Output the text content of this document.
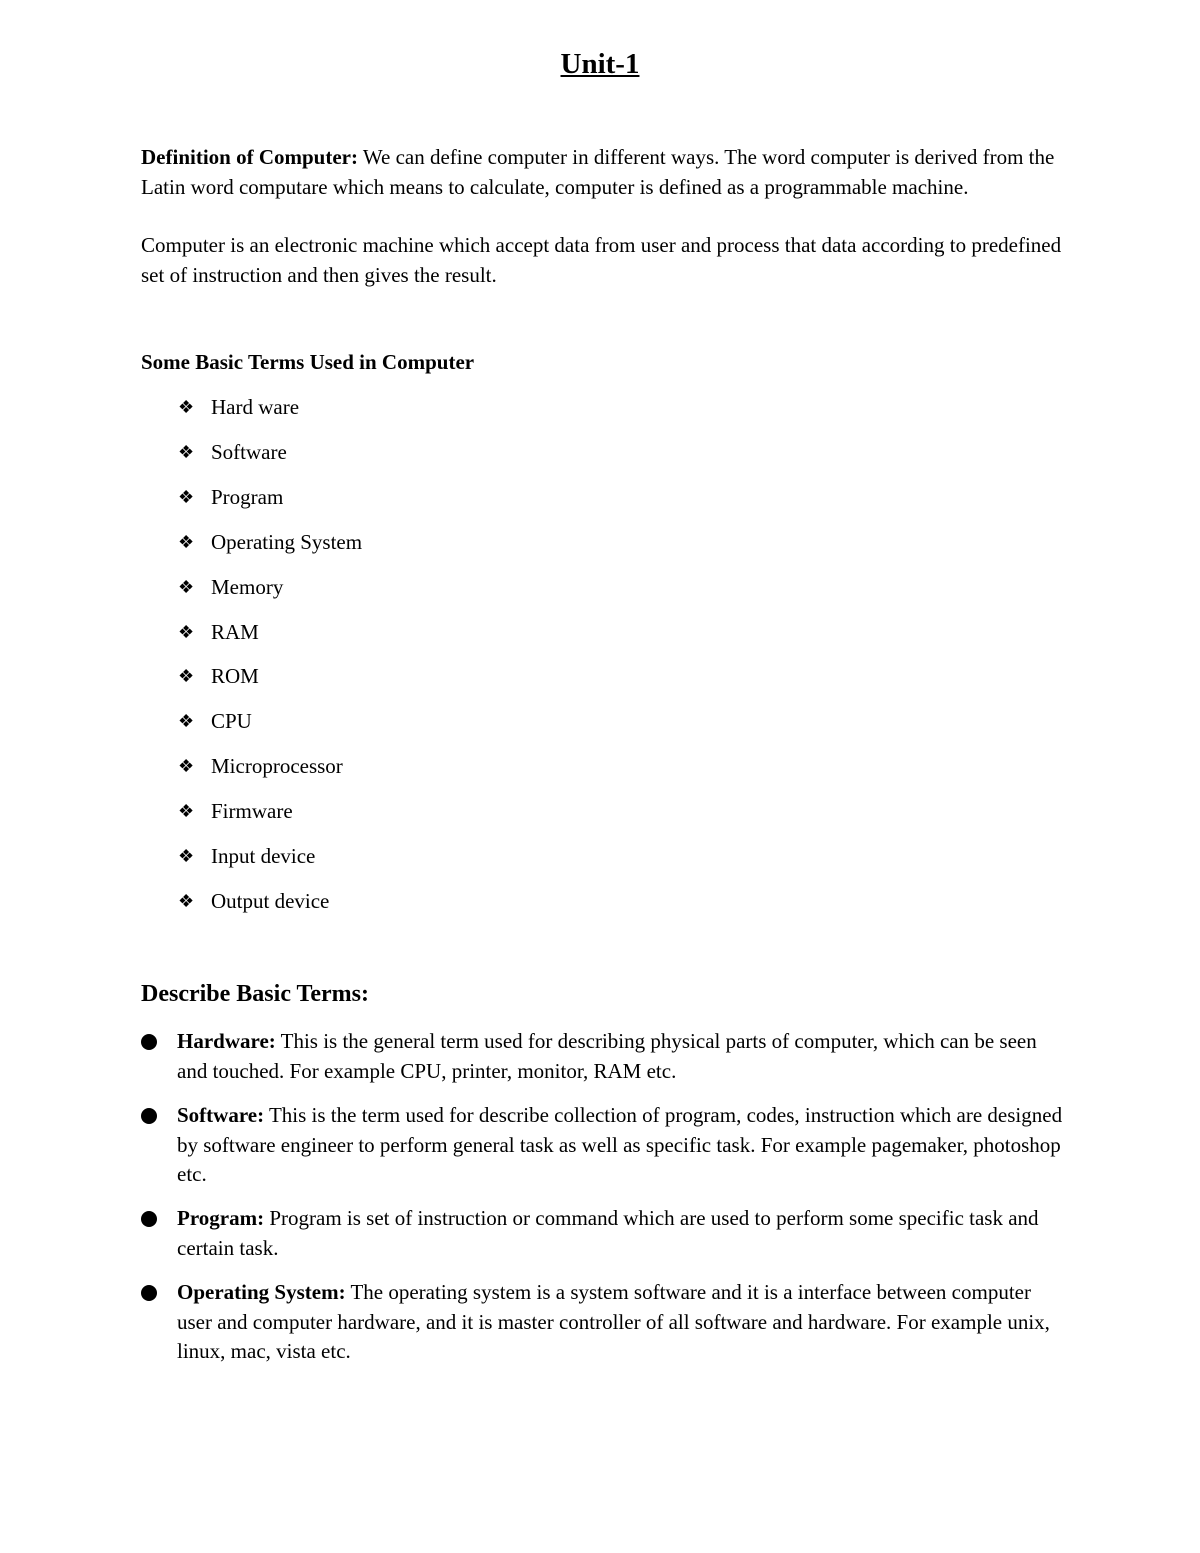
Unit-1
Definition of Computer: We can define computer in different ways. The word computer is derived from the Latin word computare which means to calculate, computer is defined as a programmable machine.
Computer is an electronic machine which accept data from user and process that data according to predefined set of instruction and then gives the result.
Some Basic Terms Used in Computer
❖ Hard ware
❖ Software
❖ Program
❖ Operating System
❖ Memory
❖ RAM
❖ ROM
❖ CPU
❖ Microprocessor
❖ Firmware
❖ Input device
❖ Output device
Describe Basic Terms:
Hardware: This is the general term used for describing physical parts of computer, which can be seen and touched. For example CPU, printer, monitor, RAM etc.
Software: This is the term used for describe collection of program, codes, instruction which are designed by software engineer to perform general task as well as specific task. For example pagemaker, photoshop etc.
Program: Program is set of instruction or command which are used to perform some specific task and certain task.
Operating System: The operating system is a system software and it is a interface between computer user and computer hardware, and it is master controller of all software and hardware. For example unix, linux, mac, vista etc.
